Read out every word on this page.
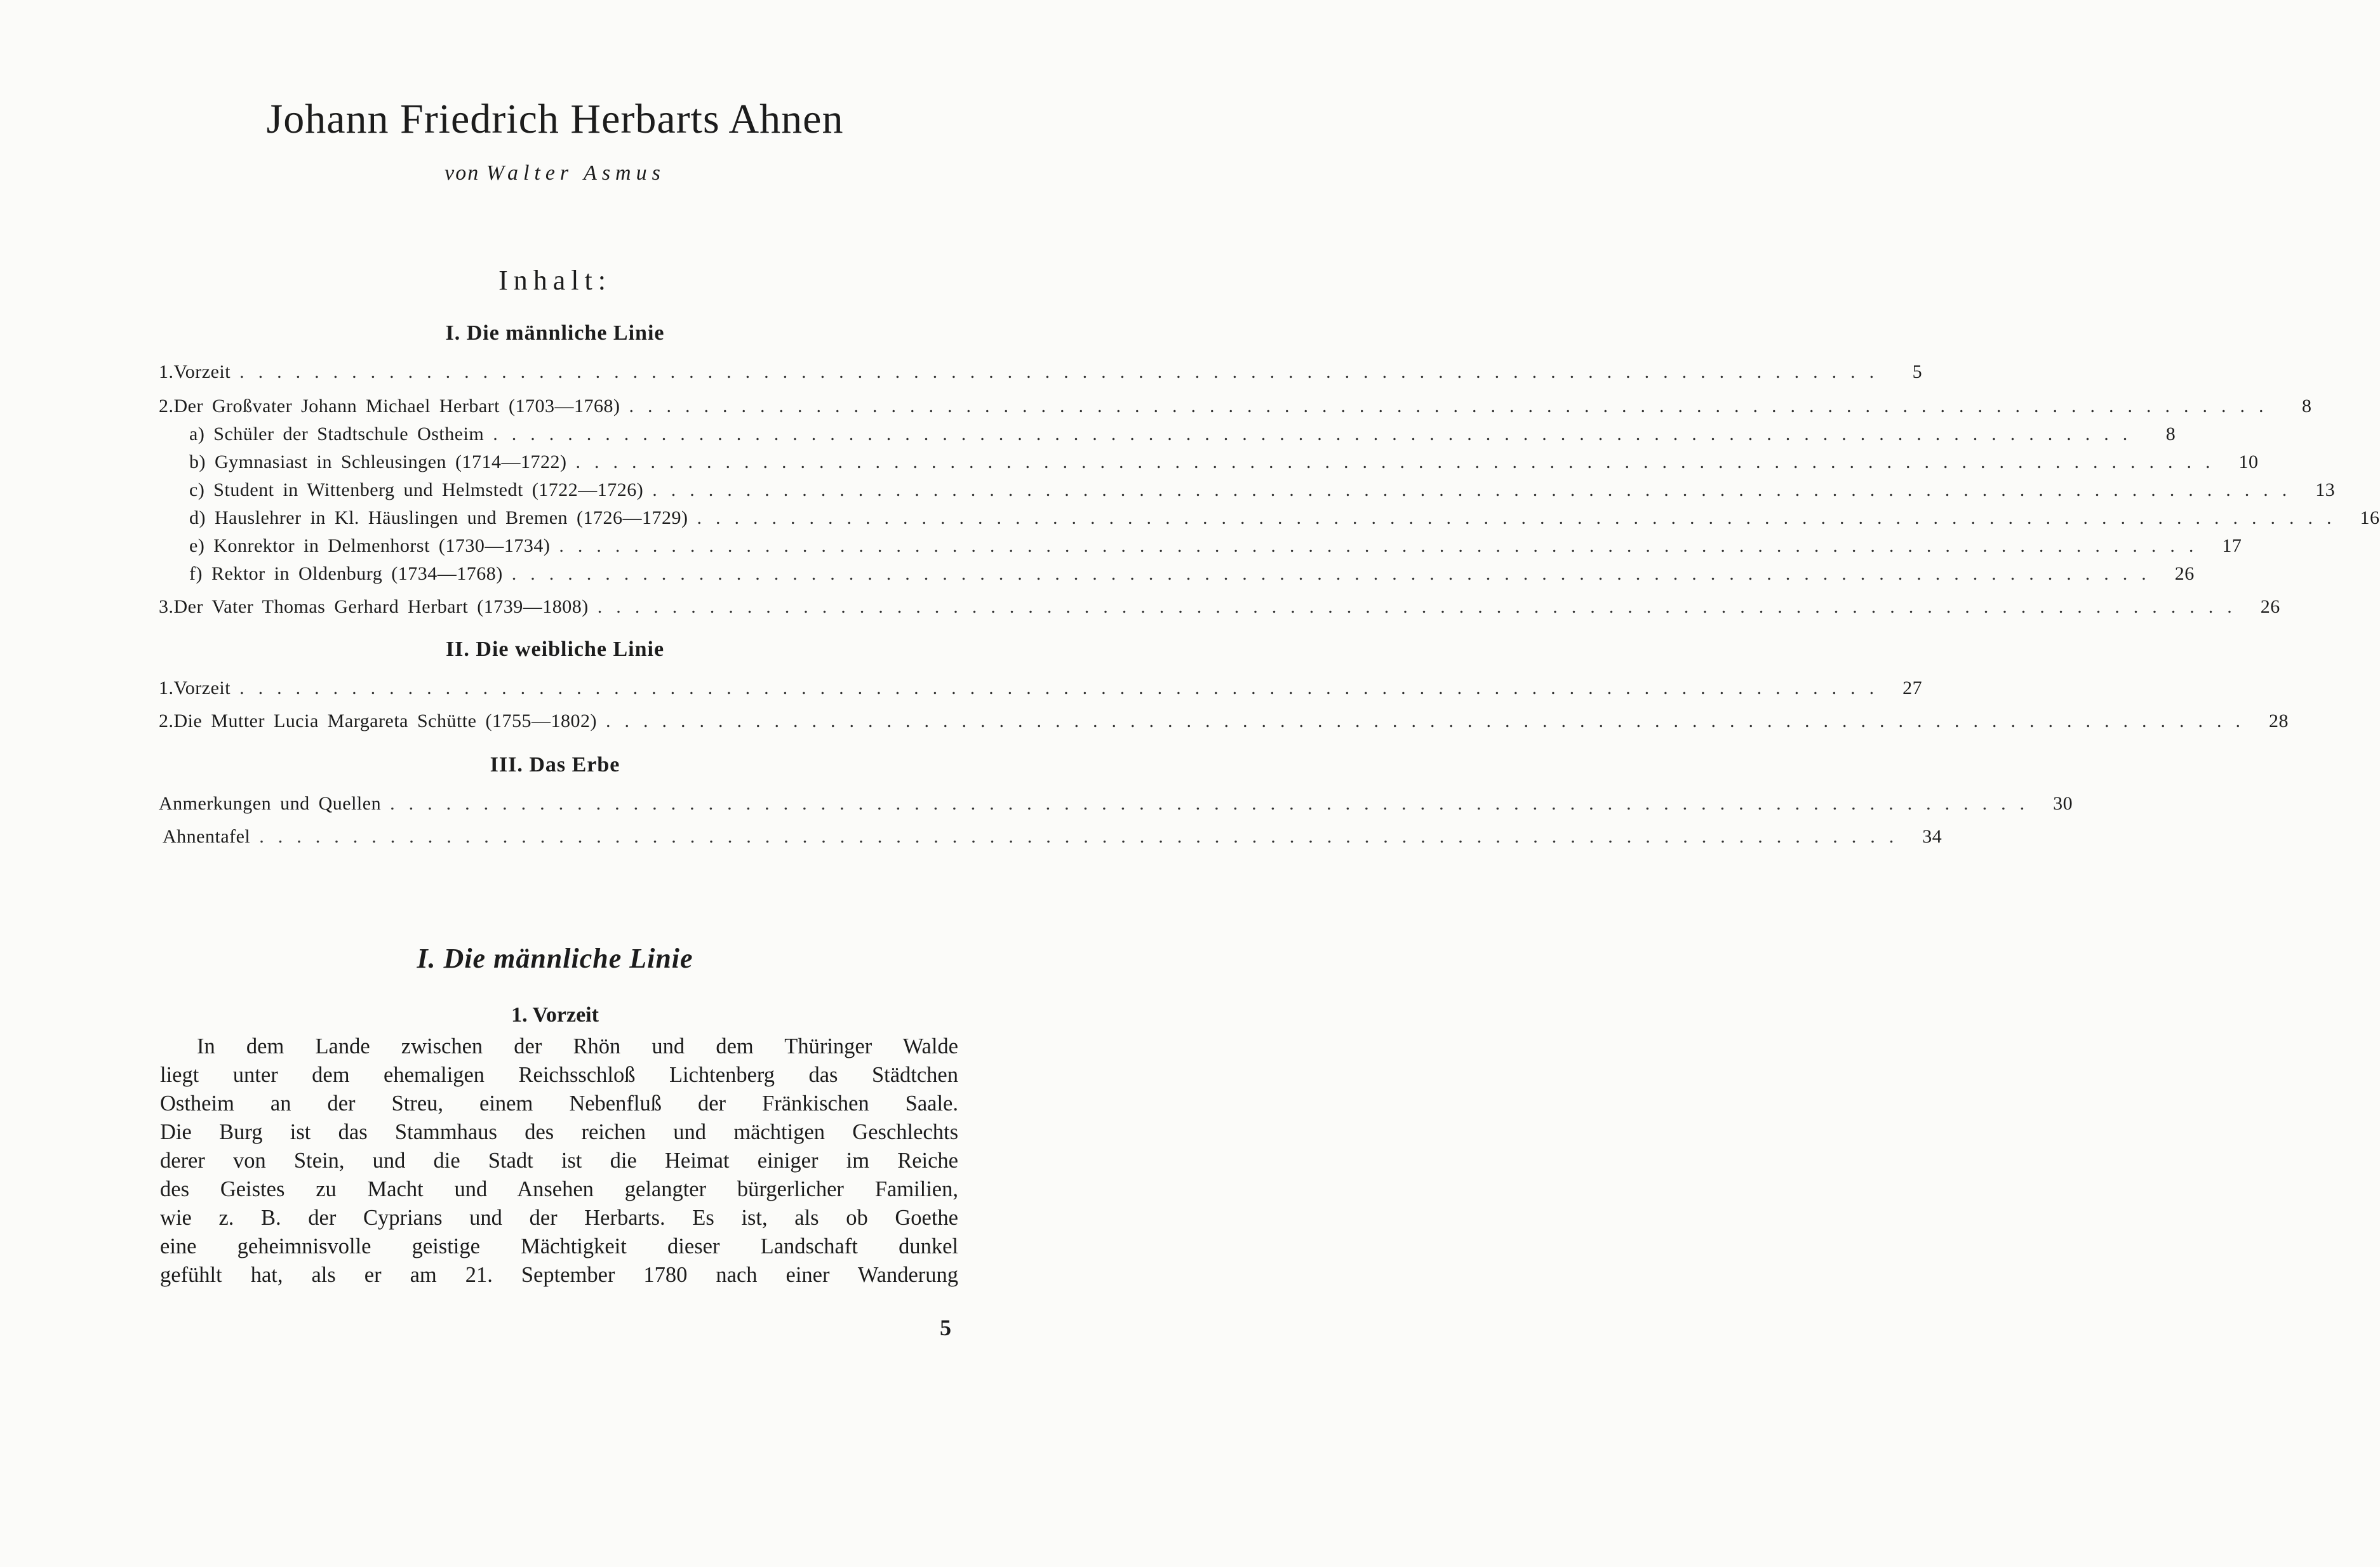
Johann Friedrich Herbarts Ahnen
von Walter Asmus
Inhalt:
I. Die männliche Linie
1. Vorzeit ........................................................................................	5
2. Der Großvater Johann Michael Herbart (1703—1768) ........................................................................................	8
a) Schüler der Stadtschule Ostheim ........................................................................................	8
b) Gymnasiast in Schleusingen (1714—1722) ........................................................................................ 10
c) Student in Wittenberg und Helmstedt (1722—1726) ........................................................................................ 13
d) Hauslehrer in Kl. Häuslingen und Bremen (1726—1729) ........................................................................................ 16
e) Konrektor in Delmenhorst (1730—1734) ........................................................................................ 17
f) Rektor in Oldenburg (1734—1768) ........................................................................................ 26
3. Der Vater Thomas Gerhard Herbart (1739—1808) ........................................................................................ 26
II. Die weibliche Linie
1. Vorzeit ........................................................................................ 27
2. Die Mutter Lucia Margareta Schütte (1755—1802) ........................................................................................ 28
III. Das Erbe
Anmerkungen und Quellen ........................................................................................ 30
Ahnentafel ........................................................................................ 34
I. Die männliche Linie
1. Vorzeit
In dem Lande zwischen der Rhön und dem Thüringer Walde
liegt unter dem ehemaligen Reichsschloß Lichtenberg das Städtchen
Ostheim an der Streu, einem Nebenfluß der Fränkischen Saale.
Die Burg ist das Stammhaus des reichen und mächtigen Geschlechts
derer von Stein, und die Stadt ist die Heimat einiger im Reiche
des Geistes zu Macht und Ansehen gelangter bürgerlicher Familien,
wie z. B. der Cyprians und der Herbarts. Es ist, als ob Goethe
eine geheimnisvolle geistige Mächtigkeit dieser Landschaft dunkel
gefühlt hat, als er am 21. September 1780 nach einer Wanderung
5
